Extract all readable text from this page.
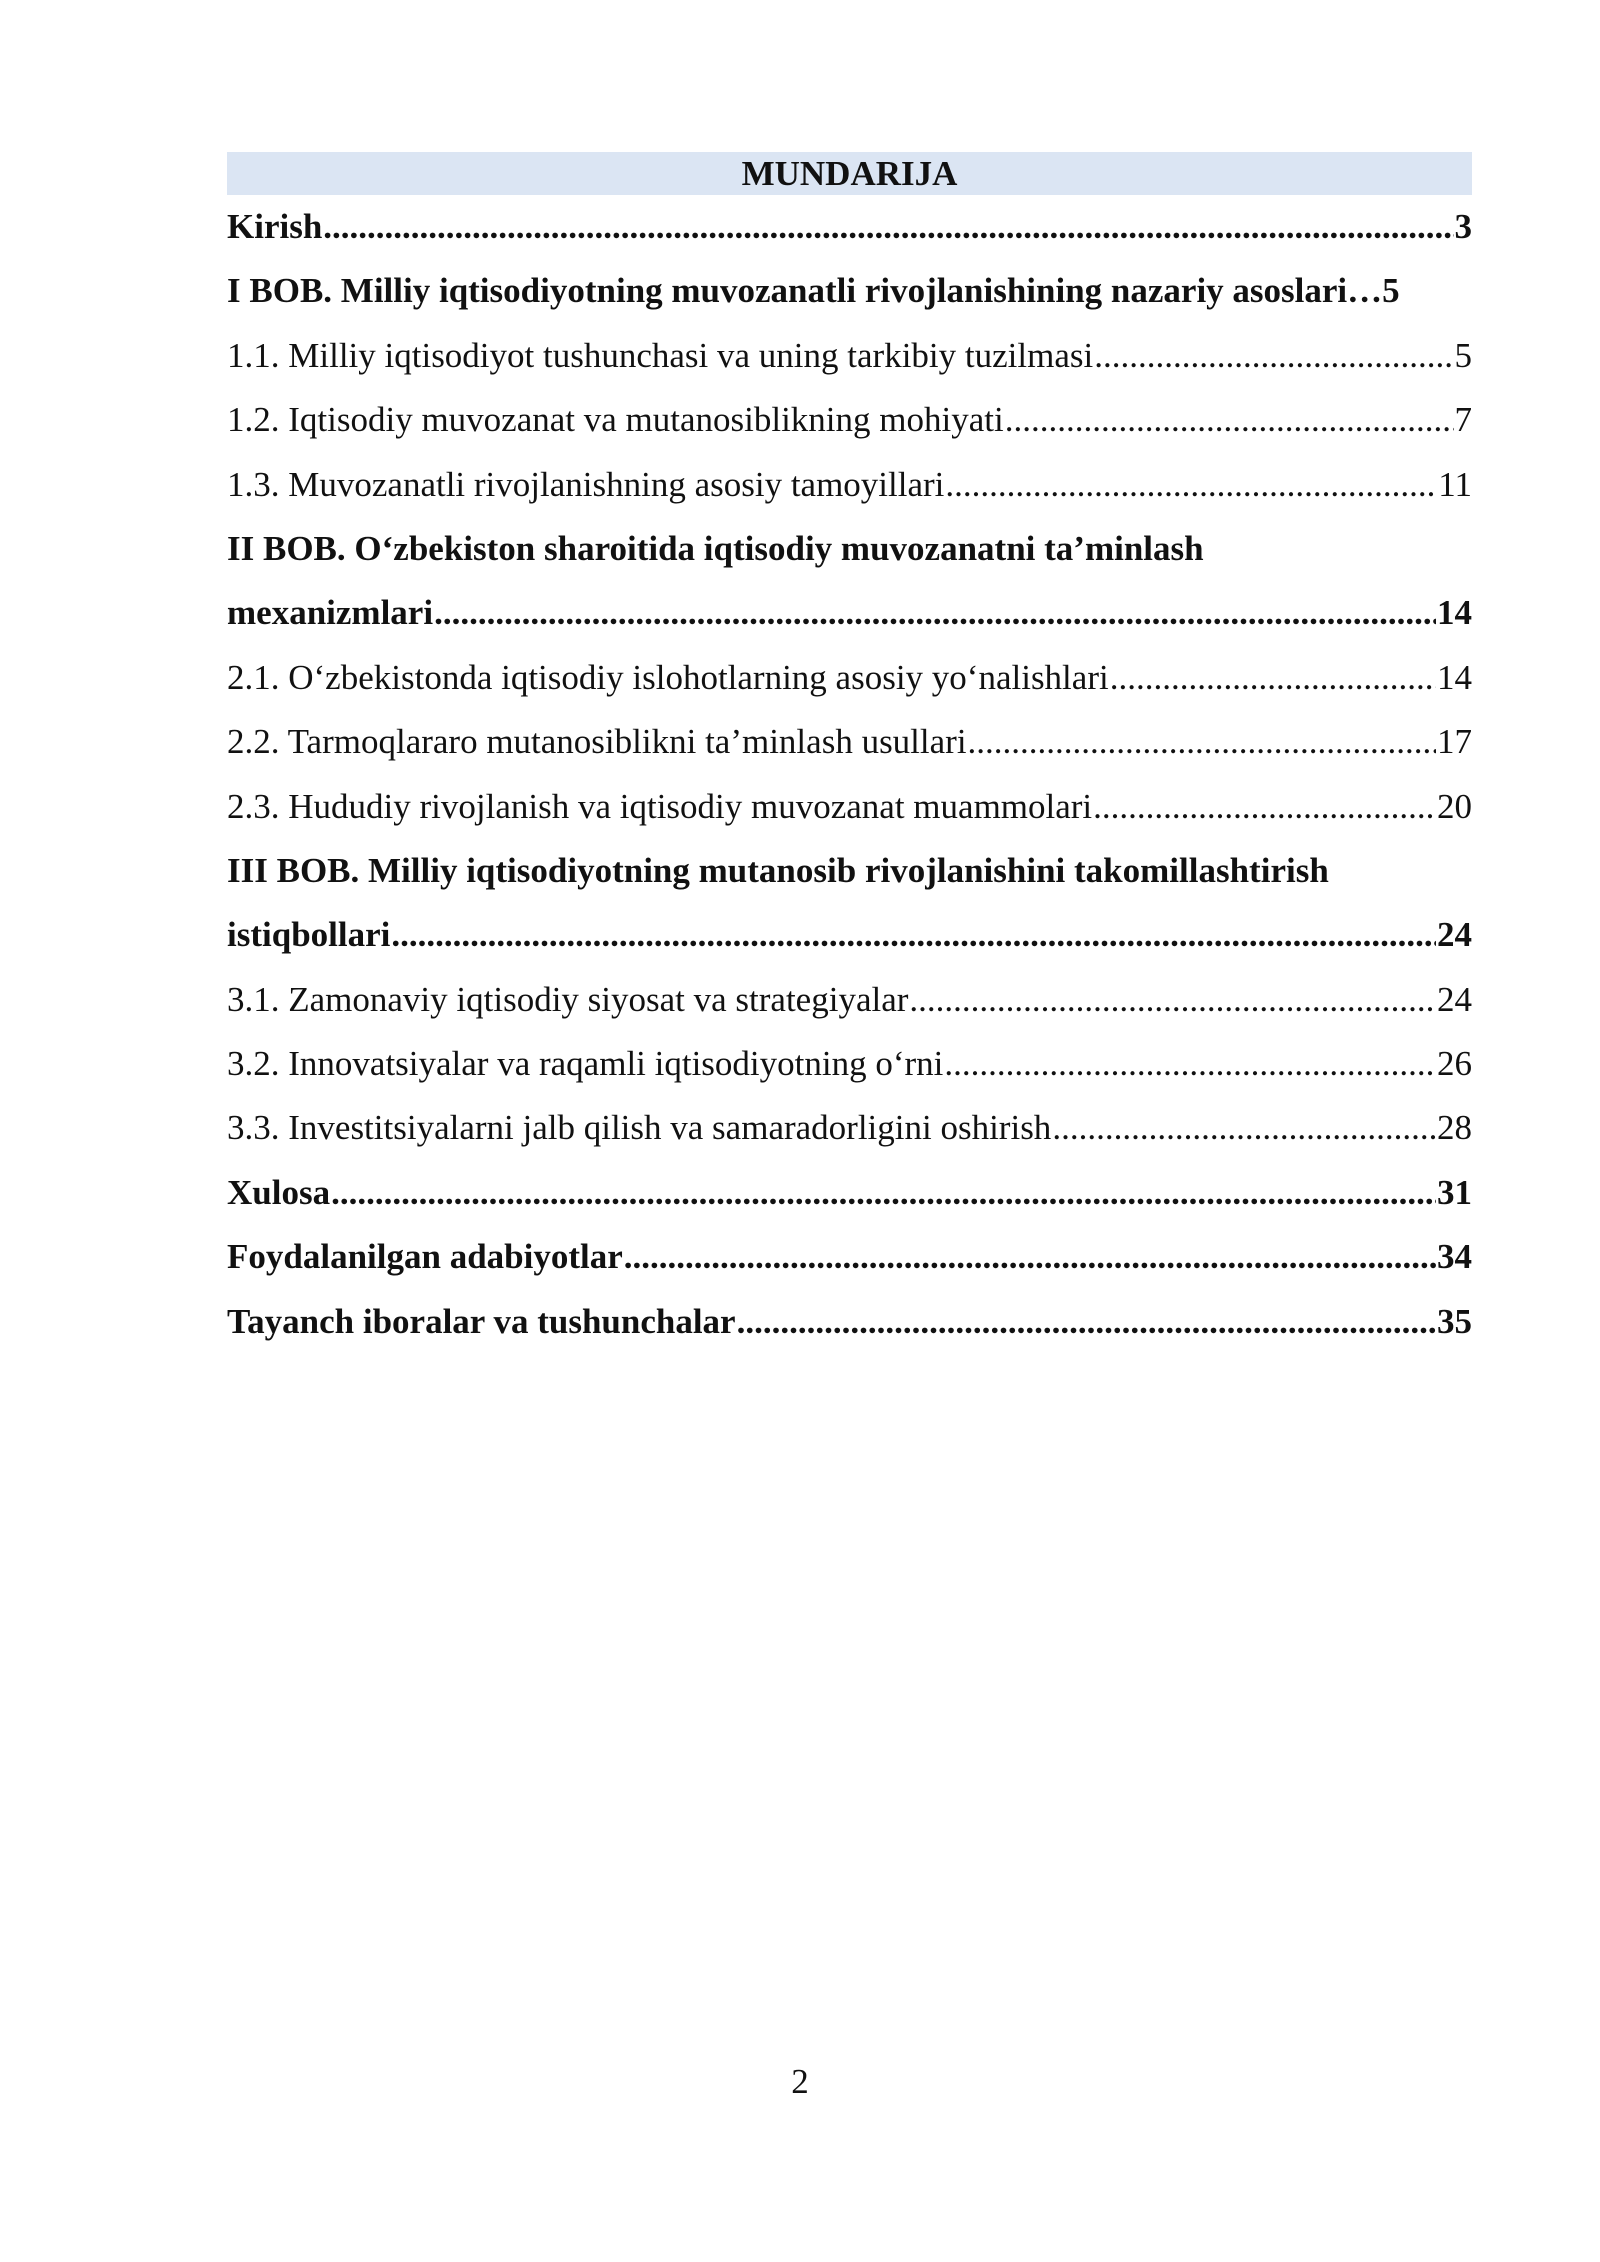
MUNDARIJA
Kirish .....	3
I BOB. Milliy iqtisodiyotning muvozanatli rivojlanishining nazariy asoslari… 5
1.1. Milliy iqtisodiyot tushunchasi va uning tarkibiy tuzilmasi .....	5
1.2. Iqtisodiy muvozanat va mutanosiblikning mohiyati .....	7
1.3. Muvozanatli rivojlanishning asosiy tamoyillari .....	11
II BOB. O‘zbekiston sharoitida iqtisodiy muvozanatni ta’minlash
mexanizmlari .....	14
2.1. O‘zbekistonda iqtisodiy islohotlarning asosiy yo‘nalishlari .....	14
2.2. Tarmoqlararo mutanosiblikni ta’minlash usullari .....	17
2.3. Hududiy rivojlanish va iqtisodiy muvozanat muammolari .....	20
III BOB. Milliy iqtisodiyotning mutanosib rivojlanishini takomillashtirish
istiqbollari .....	24
3.1. Zamonaviy iqtisodiy siyosat va strategiyalar .....	24
3.2. Innovatsiyalar va raqamli iqtisodiyotning o‘rni .....	26
3.3. Investitsiyalarni jalb qilish va samaradorligini oshirish .....	28
Xulosa .....	31
Foydalanilgan adabiyotlar .....	34
Tayanch iboralar va tushunchalar .....	35
2
